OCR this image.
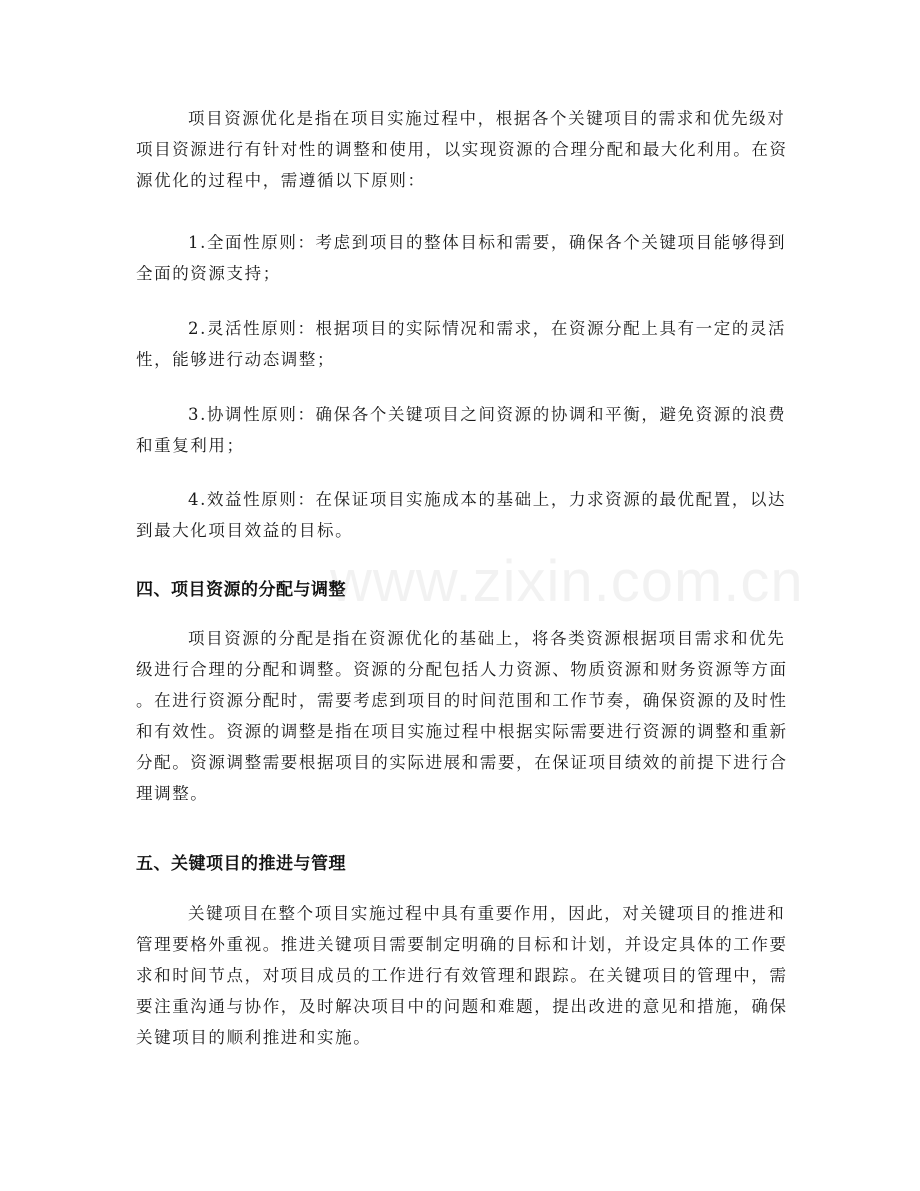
www.zixin.com.cn
项目资源优化是指在项目实施过程中，根据各个关键项目的需求和优先级对
项目资源进行有针对性的调整和使用，以实现资源的合理分配和最大化利用。在资
源优化的过程中，需遵循以下原则：
1.全面性原则：考虑到项目的整体目标和需要，确保各个关键项目能够得到
全面的资源支持；
2.灵活性原则：根据项目的实际情况和需求，在资源分配上具有一定的灵活
性，能够进行动态调整；
3.协调性原则：确保各个关键项目之间资源的协调和平衡，避免资源的浪费
和重复利用；
4.效益性原则：在保证项目实施成本的基础上，力求资源的最优配置，以达
到最大化项目效益的目标。
四、项目资源的分配与调整
项目资源的分配是指在资源优化的基础上，将各类资源根据项目需求和优先
级进行合理的分配和调整。资源的分配包括人力资源、物质资源和财务资源等方面
。在进行资源分配时，需要考虑到项目的时间范围和工作节奏，确保资源的及时性
和有效性。资源的调整是指在项目实施过程中根据实际需要进行资源的调整和重新
分配。资源调整需要根据项目的实际进展和需要，在保证项目绩效的前提下进行合
理调整。
五、关键项目的推进与管理
关键项目在整个项目实施过程中具有重要作用，因此，对关键项目的推进和
管理要格外重视。推进关键项目需要制定明确的目标和计划，并设定具体的工作要
求和时间节点，对项目成员的工作进行有效管理和跟踪。在关键项目的管理中，需
要注重沟通与协作，及时解决项目中的问题和难题，提出改进的意见和措施，确保
关键项目的顺利推进和实施。
